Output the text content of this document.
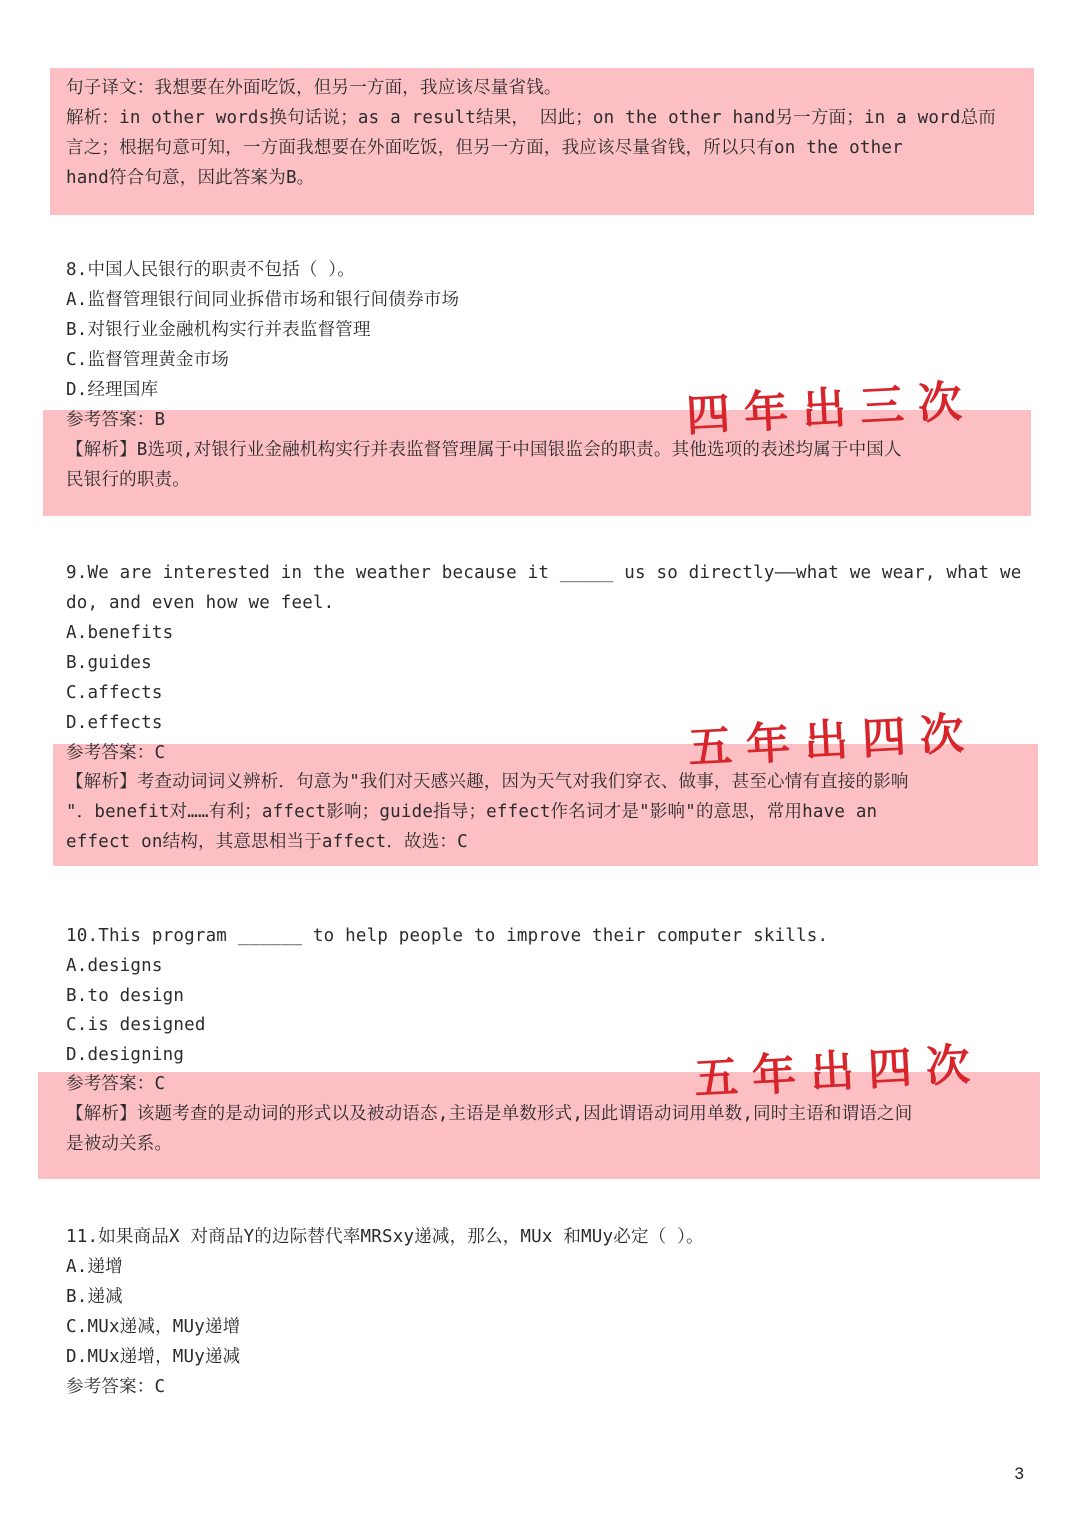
句子译文：我想要在外面吃饭，但另一方面，我应该尽量省钱。
解析：in other words换句话说；as a result结果， 因此；on the other hand另一方面；in a word总而
言之；根据句意可知，一方面我想要在外面吃饭，但另一方面，我应该尽量省钱，所以只有on the other
hand符合句意，因此答案为B。
8.中国人民银行的职责不包括（ ）。
A.监督管理银行间同业拆借市场和银行间债券市场
B.对银行业金融机构实行并表监督管理
C.监督管理黄金市场
D.经理国库
参考答案：B
【解析】B选项,对银行业金融机构实行并表监督管理属于中国银监会的职责。其他选项的表述均属于中国人
民银行的职责。
四年出三次
9.We are interested in the weather because it _____ us so directly——what we wear, what we
do, and even how we feel.
A.benefits
B.guides
C.affects
D.effects
参考答案：C
【解析】考查动词词义辨析．句意为"我们对天感兴趣，因为天气对我们穿衣、做事，甚至心情有直接的影响
"．benefit对……有利；affect影响；guide指导；effect作名词才是"影响"的意思，常用have an
effect on结构，其意思相当于affect．故选：C
五年出四次
10.This program ______ to help people to improve their computer skills.
A.designs
B.to design
C.is designed
D.designing
参考答案：C
【解析】该题考查的是动词的形式以及被动语态,主语是单数形式,因此谓语动词用单数,同时主语和谓语之间
是被动关系。
五年出四次
11.如果商品X 对商品Y的边际替代率MRSxy递减，那么，MUx 和MUy必定（ ）。
A.递增
B.递减
C.MUx递减，MUy递增
D.MUx递增，MUy递减
参考答案：C
3
